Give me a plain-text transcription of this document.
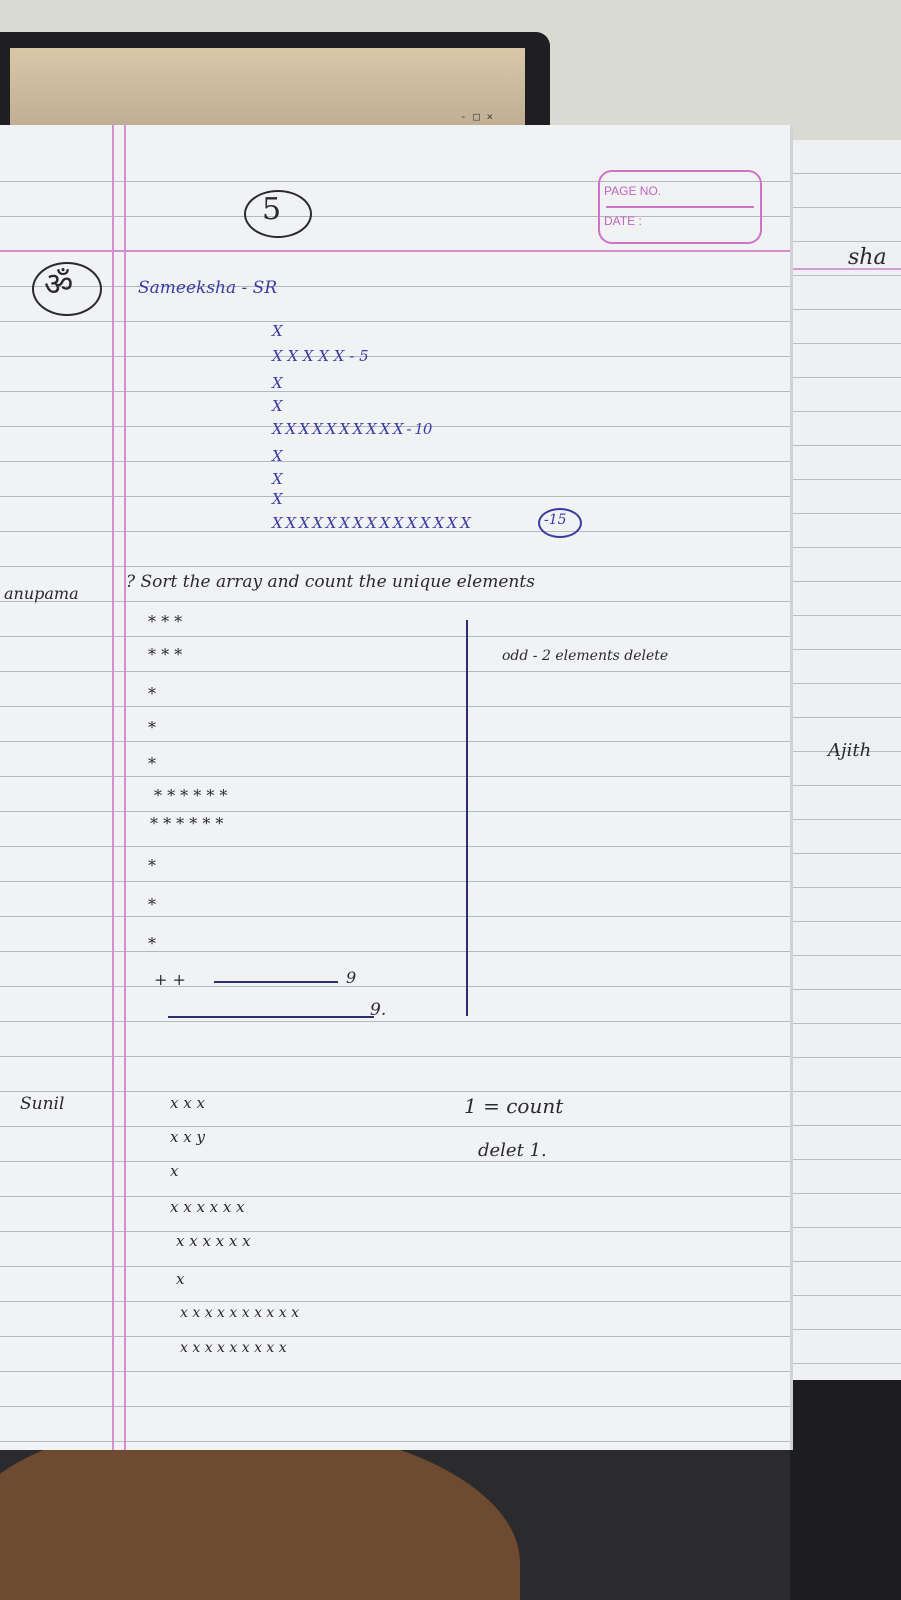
- □ ×
sha
Ajith
PAGE NO.
DATE :
5
ॐ	Sameeksha - SR
X
X X X X X - 5
X
X
X X X X X X X X X X - 10
X
X
X
X X X X X X X X X X X X X X X	-15
anupama
? Sort the array and count the unique elements
* * *
* * *
*
*
*
* * * * * *
* * * * * *
*
*
*
+ +	9
9.
odd - 2 elements delete
Sunil	x x x
x x y
x
x x x x x x
x x x x x x
x
x x x x x x x x x x
x x x x x x x x x
1 = count
delet 1.
